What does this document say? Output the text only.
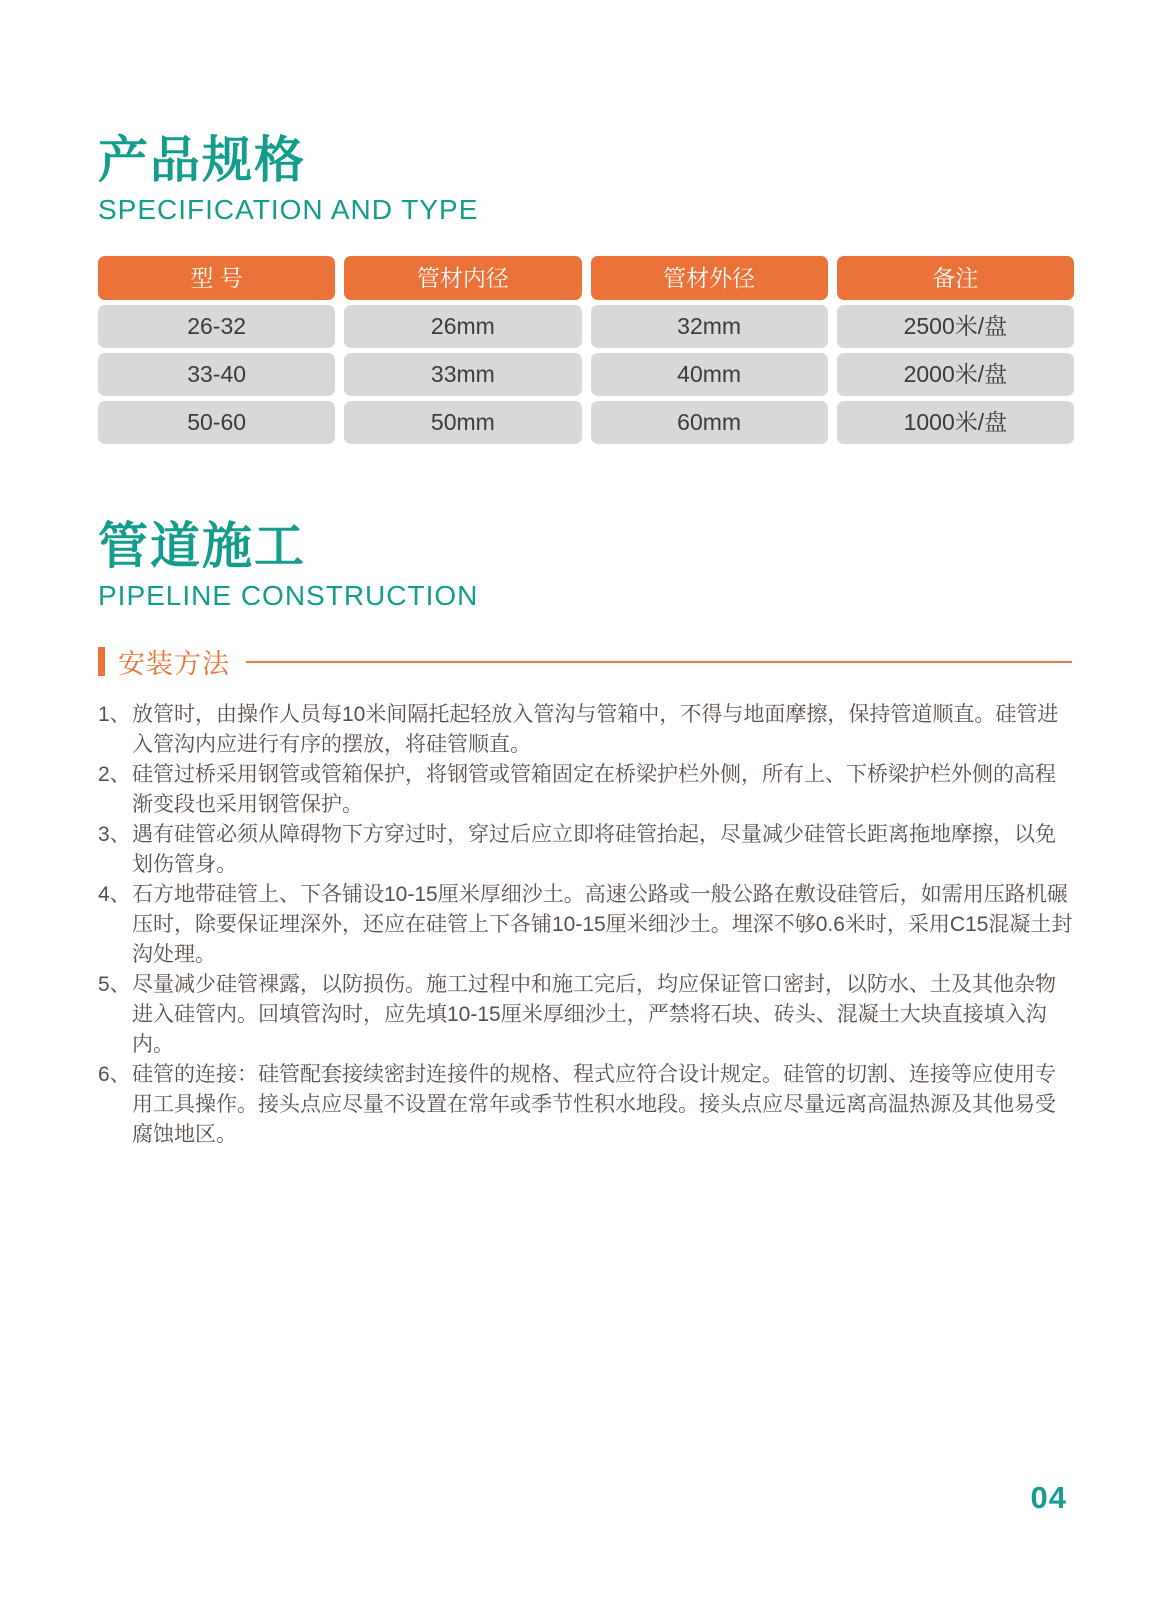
产品规格
SPECIFICATION AND TYPE
型 号	管材内径	管材外径	备注
26-32	26mm	32mm	2500米/盘
33-40	33mm	40mm	2000米/盘
50-60	50mm	60mm	1000米/盘
管道施工
PIPELINE CONSTRUCTION
安装方法
1、 放管时，由操作人员每10米间隔托起轻放入管沟与管箱中，不得与地面摩擦，保持管道顺直。硅管进入管沟内应进行有序的摆放，将硅管顺直。
2、 硅管过桥采用钢管或管箱保护，将钢管或管箱固定在桥梁护栏外侧，所有上、下桥梁护栏外侧的高程渐变段也采用钢管保护。
3、 遇有硅管必须从障碍物下方穿过时，穿过后应立即将硅管抬起，尽量减少硅管长距离拖地摩擦，以免划伤管身。
4、 石方地带硅管上、下各铺设10-15厘米厚细沙土。高速公路或一般公路在敷设硅管后，如需用压路机碾压时，除要保证埋深外，还应在硅管上下各铺10-15厘米细沙土。埋深不够0.6米时，采用C15混凝土封沟处理。
5、 尽量减少硅管裸露，以防损伤。施工过程中和施工完后，均应保证管口密封，以防水、土及其他杂物进入硅管内。回填管沟时，应先填10-15厘米厚细沙土，严禁将石块、砖头、混凝土大块直接填入沟内。
6、 硅管的连接：硅管配套接续密封连接件的规格、程式应符合设计规定。硅管的切割、连接等应使用专用工具操作。接头点应尽量不设置在常年或季节性积水地段。接头点应尽量远离高温热源及其他易受腐蚀地区。
04
